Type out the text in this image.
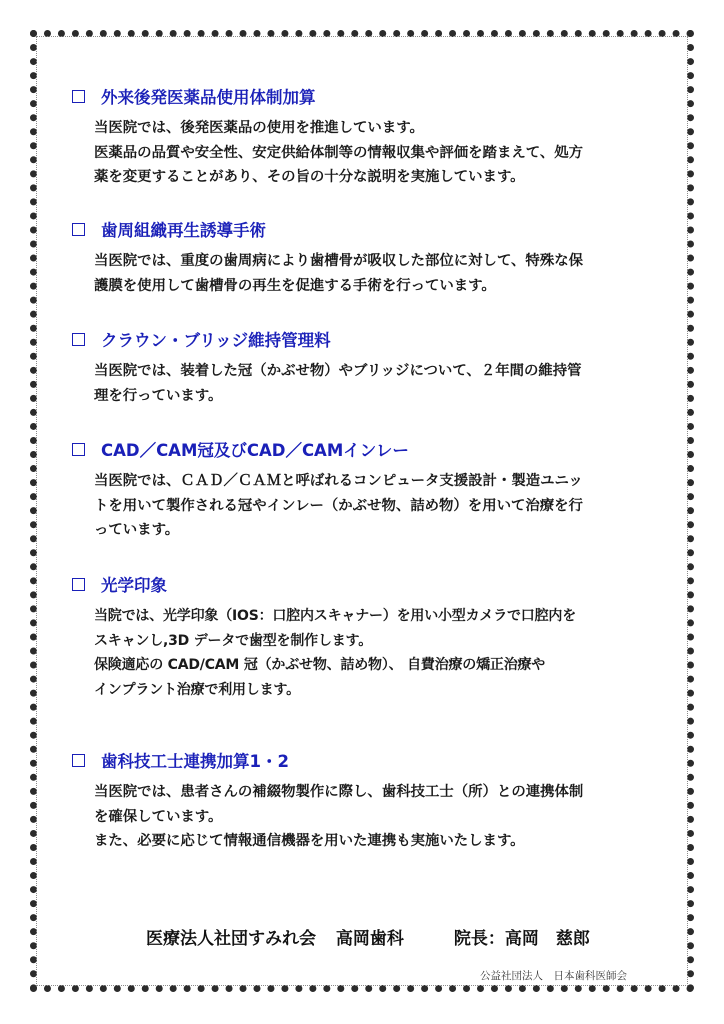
外来後発医薬品使用体制加算

当医院では、後発医薬品の使用を推進しています。

医薬品の品質や安全性、安定供給体制等の情報収集や評価を踏まえて、処方

薬を変更することがあり、その旨の十分な説明を実施しています。

歯周組織再生誘導手術

当医院では、重度の歯周病により歯槽骨が吸収した部位に対して、特殊な保

護膜を使用して歯槽骨の再生を促進する手術を行っています。

クラウン・ブリッジ維持管理料

当医院では、装着した冠（かぶせ物）やブリッジについて、２年間の維持管

理を行っています。

CAD／CAM冠及びCAD／CAMインレー

当医院では、ＣＡＤ／ＣＡＭと呼ばれるコンピュータ支援設計・製造ユニッ

トを用いて製作される冠やインレー（かぶせ物、詰め物）を用いて治療を行

っています。

光学印象

当院では、光学印象（IOS：口腔内スキャナー）を用い小型カメラで口腔内を

スキャンし,3D データで歯型を制作します。

保険適応の CAD/CAM 冠（かぶせ物、詰め物）、 自費治療の矯正治療や

インプラント治療で利用します。

歯科技工士連携加算1・2

当医院では、患者さんの補綴物製作に際し、歯科技工士（所）との連携体制

を確保しています。

また、必要に応じて情報通信機器を用いた連携も実施いたします。

医療法人社団すみれ会 高岡歯科	院長：高岡　慈郎
公益社団法人　日本歯科医師会
